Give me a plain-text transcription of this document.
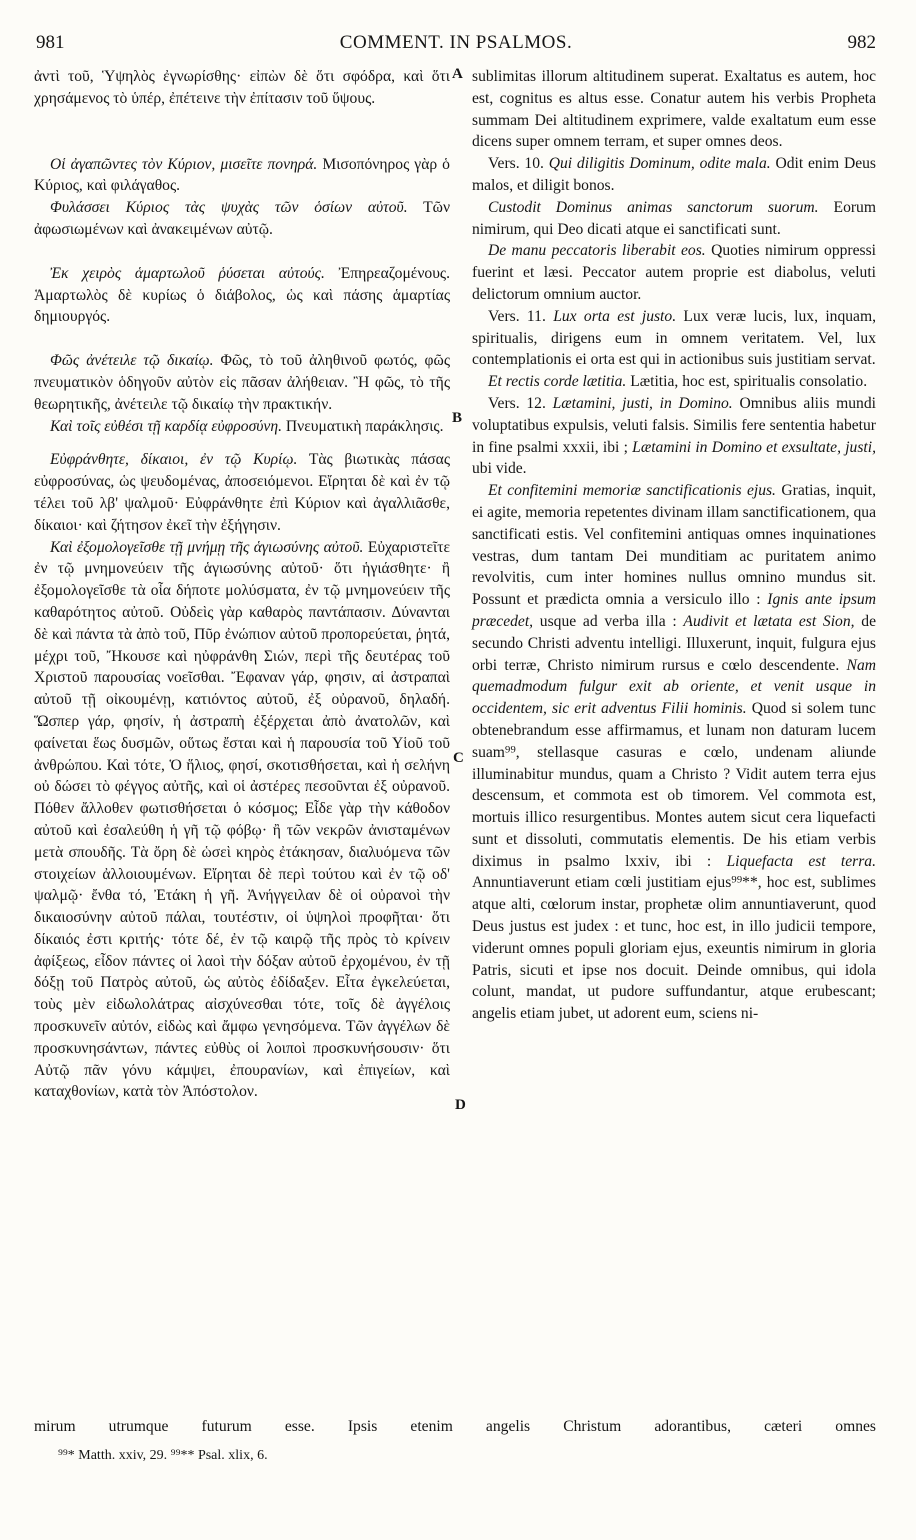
981	COMMENT. IN PSALMOS.	982
A
B
C
D

ἀντὶ τοῦ, Ὑψηλὸς ἐγνωρίσθης· εἰπὼν δὲ ὅτι σφόδρα, καὶ ὅτι χρησάμενος τὸ ὑπέρ, ἐπέτεινε τὴν ἐπίτασιν τοῦ ὕψους.

Οἱ ἀγαπῶντες τὸν Κύριον, μισεῖτε πονηρά. Μισοπόνηρος γὰρ ὁ Κύριος, καὶ φιλάγαθος.

Φυλάσσει Κύριος τὰς ψυχὰς τῶν ὁσίων αὐτοῦ. Τῶν ἀφωσιωμένων καὶ ἀνακειμένων αὐτῷ.

Ἐκ χειρὸς ἁμαρτωλοῦ ῥύσεται αὐτούς. Ἐπηρεαζομένους. Ἁμαρτωλὸς δὲ κυρίως ὁ διάβολος, ὡς καὶ πάσης ἁμαρτίας δημιουργός.

Φῶς ἀνέτειλε τῷ δικαίῳ. Φῶς, τὸ τοῦ ἀληθινοῦ φωτός, φῶς πνευματικὸν ὁδηγοῦν αὐτὸν εἰς πᾶσαν ἀλήθειαν. Ἢ φῶς, τὸ τῆς θεωρητικῆς, ἀνέτειλε τῷ δικαίῳ τὴν πρακτικήν.

Καὶ τοῖς εὐθέσι τῇ καρδίᾳ εὐφροσύνη. Πνευματικὴ παράκλησις.

Εὐφράνθητε, δίκαιοι, ἐν τῷ Κυρίῳ. Τὰς βιωτικὰς πάσας εὐφροσύνας, ὡς ψευδομένας, ἀποσειόμενοι. Εἴρηται δὲ καὶ ἐν τῷ τέλει τοῦ λβ' ψαλμοῦ· Εὐφράνθητε ἐπὶ Κύριον καὶ ἀγαλλιᾶσθε, δίκαιοι· καὶ ζήτησον ἐκεῖ τὴν ἐξήγησιν.

Καὶ ἐξομολογεῖσθε τῇ μνήμῃ τῆς ἁγιωσύνης αὐτοῦ. Εὐχαριστεῖτε ἐν τῷ μνημονεύειν τῆς ἁγιωσύνης αὐτοῦ· ὅτι ἡγιάσθητε· ἢ ἐξομολογεῖσθε τὰ οἷα δήποτε μολύσματα, ἐν τῷ μνημονεύειν τῆς καθαρότητος αὐτοῦ. Οὐδεὶς γὰρ καθαρὸς παντάπασιν. Δύνανται δὲ καὶ πάντα τὰ ἀπὸ τοῦ, Πῦρ ἐνώπιον αὐτοῦ προπορεύεται, ῥητά, μέχρι τοῦ, Ἤκουσε καὶ ηὐφράνθη Σιών, περὶ τῆς δευτέρας τοῦ Χριστοῦ παρουσίας νοεῖσθαι. Ἔφαναν γάρ, φησιν, αἱ ἀστραπαὶ αὐτοῦ τῇ οἰκουμένῃ, κατιόντος αὐτοῦ, ἐξ οὐρανοῦ, δηλαδή. Ὥσπερ γάρ, φησίν, ἡ ἀστραπὴ ἐξέρχεται ἀπὸ ἀνατολῶν, καὶ φαίνεται ἕως δυσμῶν, οὕτως ἔσται καὶ ἡ παρουσία τοῦ Υἱοῦ τοῦ ἀνθρώπου. Καὶ τότε, Ὁ ἥλιος, φησί, σκοτισθήσεται, καὶ ἡ σελήνη οὐ δώσει τὸ φέγγος αὐτῆς, καὶ οἱ ἀστέρες πεσοῦνται ἐξ οὐρανοῦ. Πόθεν ἄλλοθεν φωτισθήσεται ὁ κόσμος; Εἶδε γὰρ τὴν κάθοδον αὐτοῦ καὶ ἐσαλεύθη ἡ γῆ τῷ φόβῳ· ἢ τῶν νεκρῶν ἀνισταμένων μετὰ σπουδῆς. Τὰ ὄρη δὲ ὡσεὶ κηρὸς ἐτάκησαν, διαλυόμενα τῶν στοιχείων ἀλλοιουμένων. Εἴρηται δὲ περὶ τούτου καὶ ἐν τῷ οδ' ψαλμῷ· ἔνθα τό, Ἐτάκη ἡ γῆ. Ἀνήγγειλαν δὲ οἱ οὐρανοὶ τὴν δικαιοσύνην αὐτοῦ πάλαι, τουτέστιν, οἱ ὑψηλοὶ προφῆται· ὅτι δίκαιός ἐστι κριτής· τότε δέ, ἐν τῷ καιρῷ τῆς πρὸς τὸ κρίνειν ἀφίξεως, εἶδον πάντες οἱ λαοὶ τὴν δόξαν αὐτοῦ ἐρχομένου, ἐν τῇ δόξῃ τοῦ Πατρὸς αὐτοῦ, ὡς αὐτὸς ἐδίδαξεν. Εἶτα ἐγκελεύεται, τοὺς μὲν εἰδωλολάτρας αἰσχύνεσθαι τότε, τοῖς δὲ ἀγγέλοις προσκυνεῖν αὐτόν, εἰδὼς καὶ ἄμφω γενησόμενα. Τῶν ἀγγέλων δὲ προσκυνησάντων, πάντες εὐθὺς οἱ λοιποὶ προσκυνήσουσιν· ὅτι Αὐτῷ πᾶν γόνυ κάμψει, ἐπουρανίων, καὶ ἐπιγείων, καὶ καταχθονίων, κατὰ τὸν Ἀπόστολον.

sublimitas illorum altitudinem superat. Exaltatus es autem, hoc est, cognitus es altus esse. Conatur autem his verbis Propheta summam Dei altitudinem exprimere, valde exaltatum eum esse dicens super omnem terram, et super omnes deos.

Vers. 10. Qui diligitis Dominum, odite mala. Odit enim Deus malos, et diligit bonos.

Custodit Dominus animas sanctorum suorum. Eorum nimirum, qui Deo dicati atque ei sanctificati sunt.

De manu peccatoris liberabit eos. Quoties nimirum oppressi fuerint et læsi. Peccator autem proprie est diabolus, veluti delictorum omnium auctor.

Vers. 11. Lux orta est justo. Lux veræ lucis, lux, inquam, spiritualis, dirigens eum in omnem veritatem. Vel, lux contemplationis ei orta est qui in actionibus suis justitiam servat.

Et rectis corde lætitia. Lætitia, hoc est, spiritualis consolatio.

Vers. 12. Lætamini, justi, in Domino. Omnibus aliis mundi voluptatibus expulsis, veluti falsis. Similis fere sententia habetur in fine psalmi xxxii, ibi ; Lætamini in Domino et exsultate, justi, ubi vide.

Et confitemini memoriæ sanctificationis ejus. Gratias, inquit, ei agite, memoria repetentes divinam illam sanctificationem, qua sanctificati estis. Vel confitemini antiquas omnes inquinationes vestras, dum tantam Dei munditiam ac puritatem animo revolvitis, cum inter homines nullus omnino mundus sit. Possunt et prædicta omnia a versiculo illo : Ignis ante ipsum præcedet, usque ad verba illa : Audivit et lætata est Sion, de secundo Christi adventu intelligi. Illuxerunt, inquit, fulgura ejus orbi terræ, Christo nimirum rursus e cœlo descendente. Nam quemadmodum fulgur exit ab oriente, et venit usque in occidentem, sic erit adventus Filii hominis. Quod si solem tunc obtenebrandum esse affirmamus, et lunam non daturam lucem suam⁹⁹, stellasque casuras e cœlo, undenam aliunde illuminabitur mundus, quam a Christo ? Vidit autem terra ejus descensum, et commota est ob timorem. Vel commota est, mortuis illico resurgentibus. Montes autem sicut cera liquefacti sunt et dissoluti, commutatis elementis. De his etiam verbis diximus in psalmo lxxiv, ibi : Liquefacta est terra. Annuntiaverunt etiam cœli justitiam ejus⁹⁹**, hoc est, sublimes atque alti, cœlorum instar, prophetæ olim annuntiaverunt, quod Deus justus est judex : et tunc, hoc est, in illo judicii tempore, viderunt omnes populi gloriam ejus, exeuntis nimirum in gloria Patris, sicuti et ipse nos docuit. Deinde omnibus, qui idola colunt, mandat, ut pudore suffundantur, atque erubescant; angelis etiam jubet, ut adorent eum, sciens ni-

mirum utrumque futurum esse. Ipsis etenim angelis Christum adorantibus, cæteri omnes
⁹⁹* Matth. xxiv, 29. ⁹⁹** Psal. xlix, 6.
